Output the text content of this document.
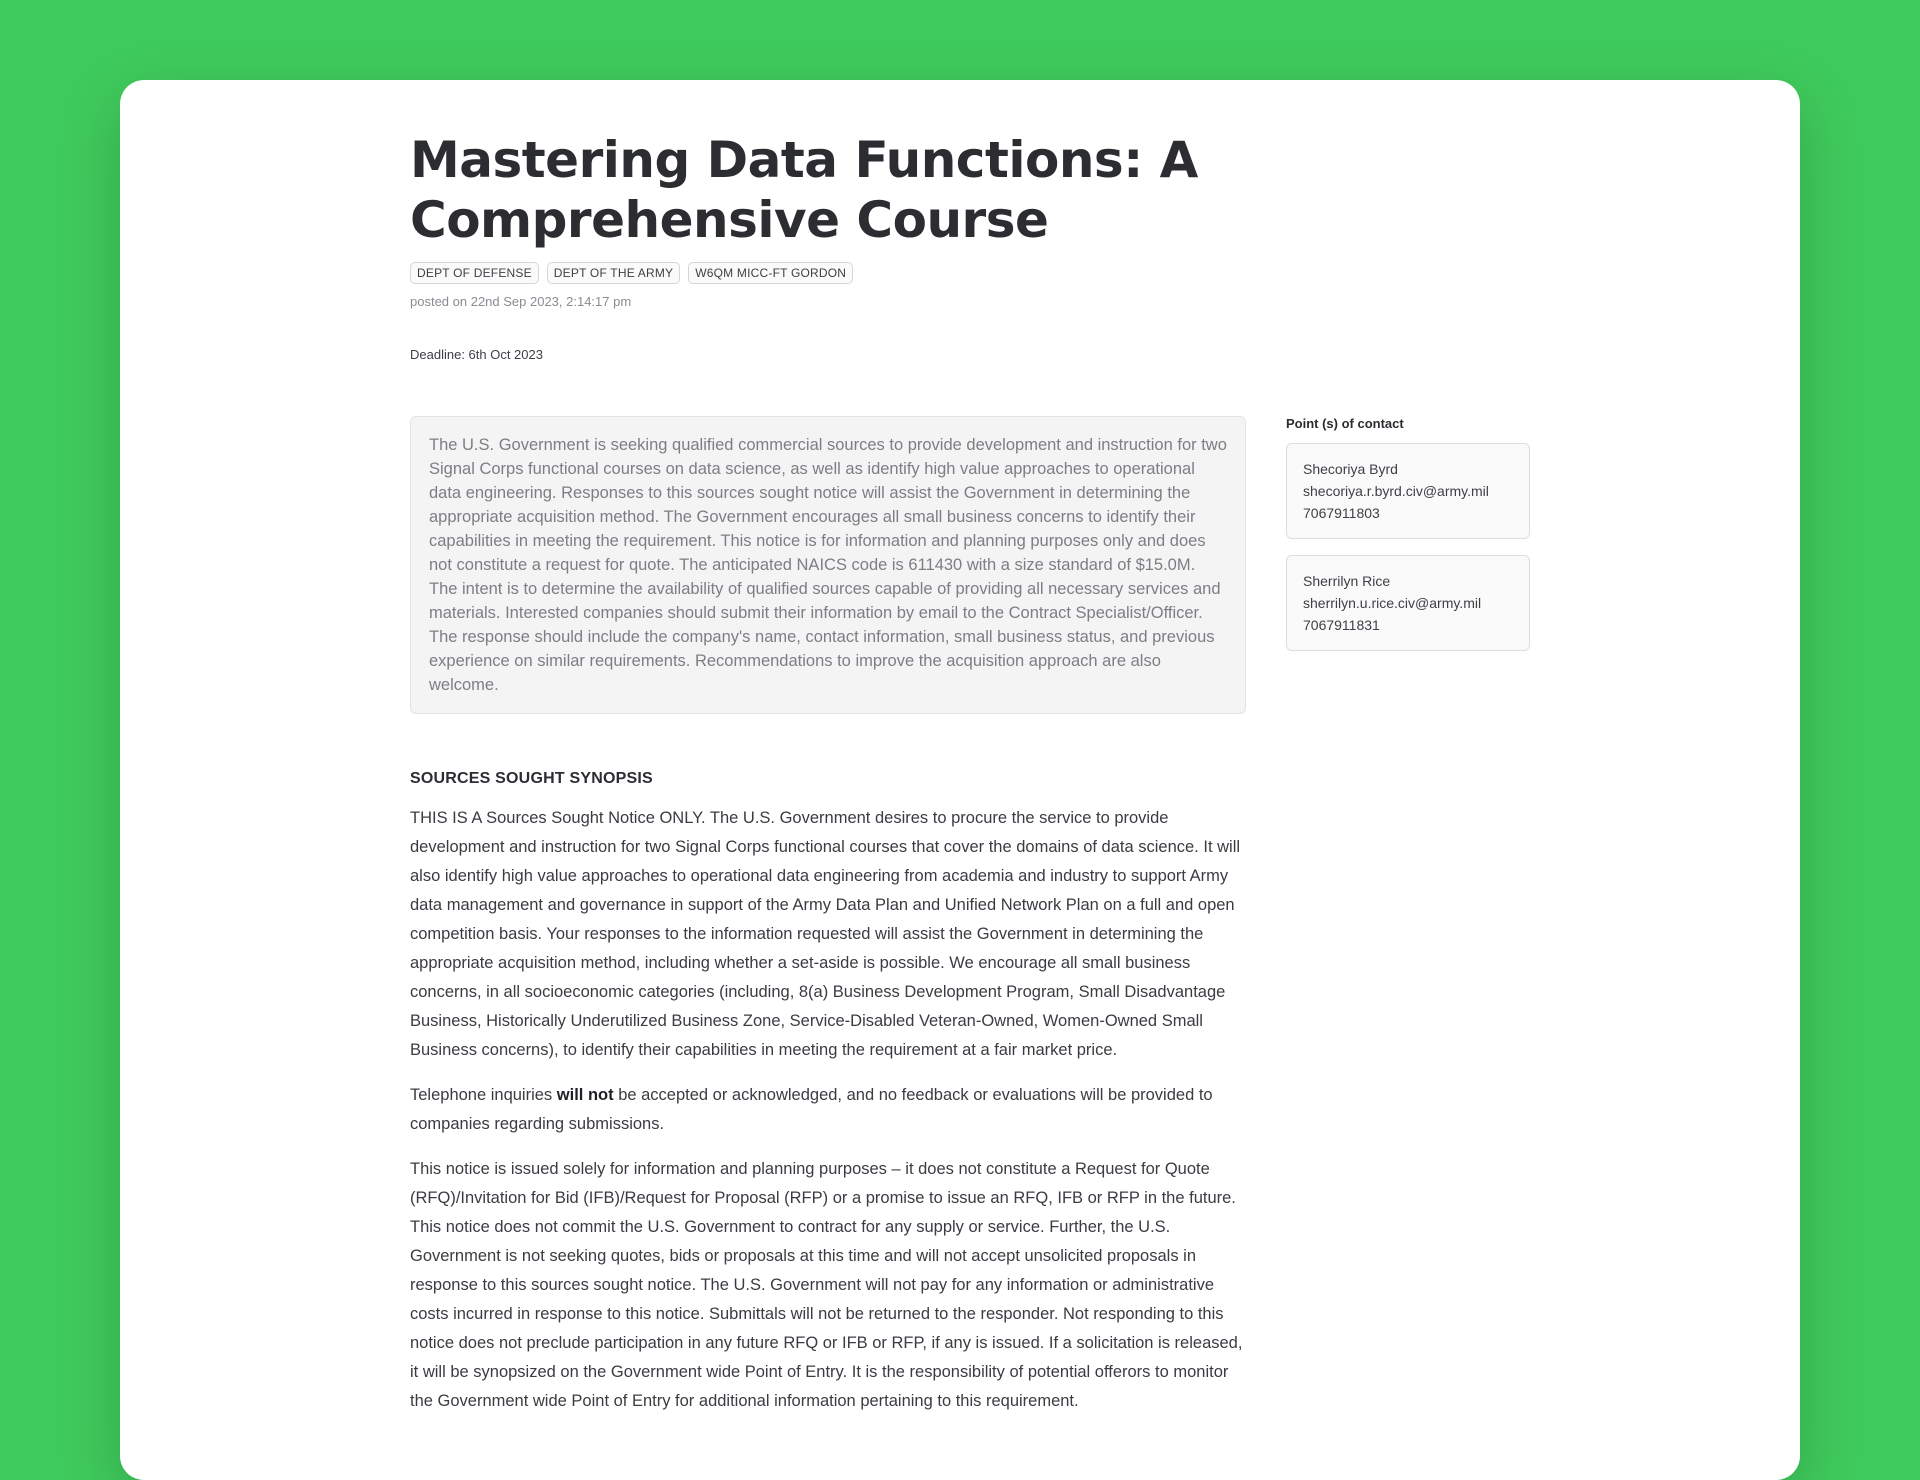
Mastering Data Functions: A Comprehensive Course
DEPT OF DEFENSE	DEPT OF THE ARMY	W6QM MICC-FT GORDON
posted on 22nd Sep 2023, 2:14:17 pm
Deadline: 6th Oct 2023
The U.S. Government is seeking qualified commercial sources to provide development and instruction for two Signal Corps functional courses on data science, as well as identify high value approaches to operational data engineering. Responses to this sources sought notice will assist the Government in determining the appropriate acquisition method. The Government encourages all small business concerns to identify their capabilities in meeting the requirement. This notice is for information and planning purposes only and does not constitute a request for quote. The anticipated NAICS code is 611430 with a size standard of $15.0M. The intent is to determine the availability of qualified sources capable of providing all necessary services and materials. Interested companies should submit their information by email to the Contract Specialist/Officer. The response should include the company's name, contact information, small business status, and previous experience on similar requirements. Recommendations to improve the acquisition approach are also welcome.
SOURCES SOUGHT SYNOPSIS

THIS IS A Sources Sought Notice ONLY. The U.S. Government desires to procure the service to provide development and instruction for two Signal Corps functional courses that cover the domains of data science. It will also identify high value approaches to operational data engineering from academia and industry to support Army data management and governance in support of the Army Data Plan and Unified Network Plan on a full and open competition basis. Your responses to the information requested will assist the Government in determining the appropriate acquisition method, including whether a set-aside is possible. We encourage all small business concerns, in all socioeconomic categories (including, 8(a) Business Development Program, Small Disadvantage Business, Historically Underutilized Business Zone, Service-Disabled Veteran-Owned, Women-Owned Small Business concerns), to identify their capabilities in meeting the requirement at a fair market price.

Telephone inquiries will not be accepted or acknowledged, and no feedback or evaluations will be provided to companies regarding submissions.

This notice is issued solely for information and planning purposes – it does not constitute a Request for Quote (RFQ)/Invitation for Bid (IFB)/Request for Proposal (RFP) or a promise to issue an RFQ, IFB or RFP in the future. This notice does not commit the U.S. Government to contract for any supply or service. Further, the U.S. Government is not seeking quotes, bids or proposals at this time and will not accept unsolicited proposals in response to this sources sought notice. The U.S. Government will not pay for any information or administrative costs incurred in response to this notice. Submittals will not be returned to the responder. Not responding to this notice does not preclude participation in any future RFQ or IFB or RFP, if any is issued. If a solicitation is released, it will be synopsized on the Government wide Point of Entry. It is the responsibility of potential offerors to monitor the Government wide Point of Entry for additional information pertaining to this requirement.

Point (s) of contact
Shecoriya Byrd
shecoriya.r.byrd.civ@army.mil
7067911803
Sherrilyn Rice
sherrilyn.u.rice.civ@army.mil
7067911831
